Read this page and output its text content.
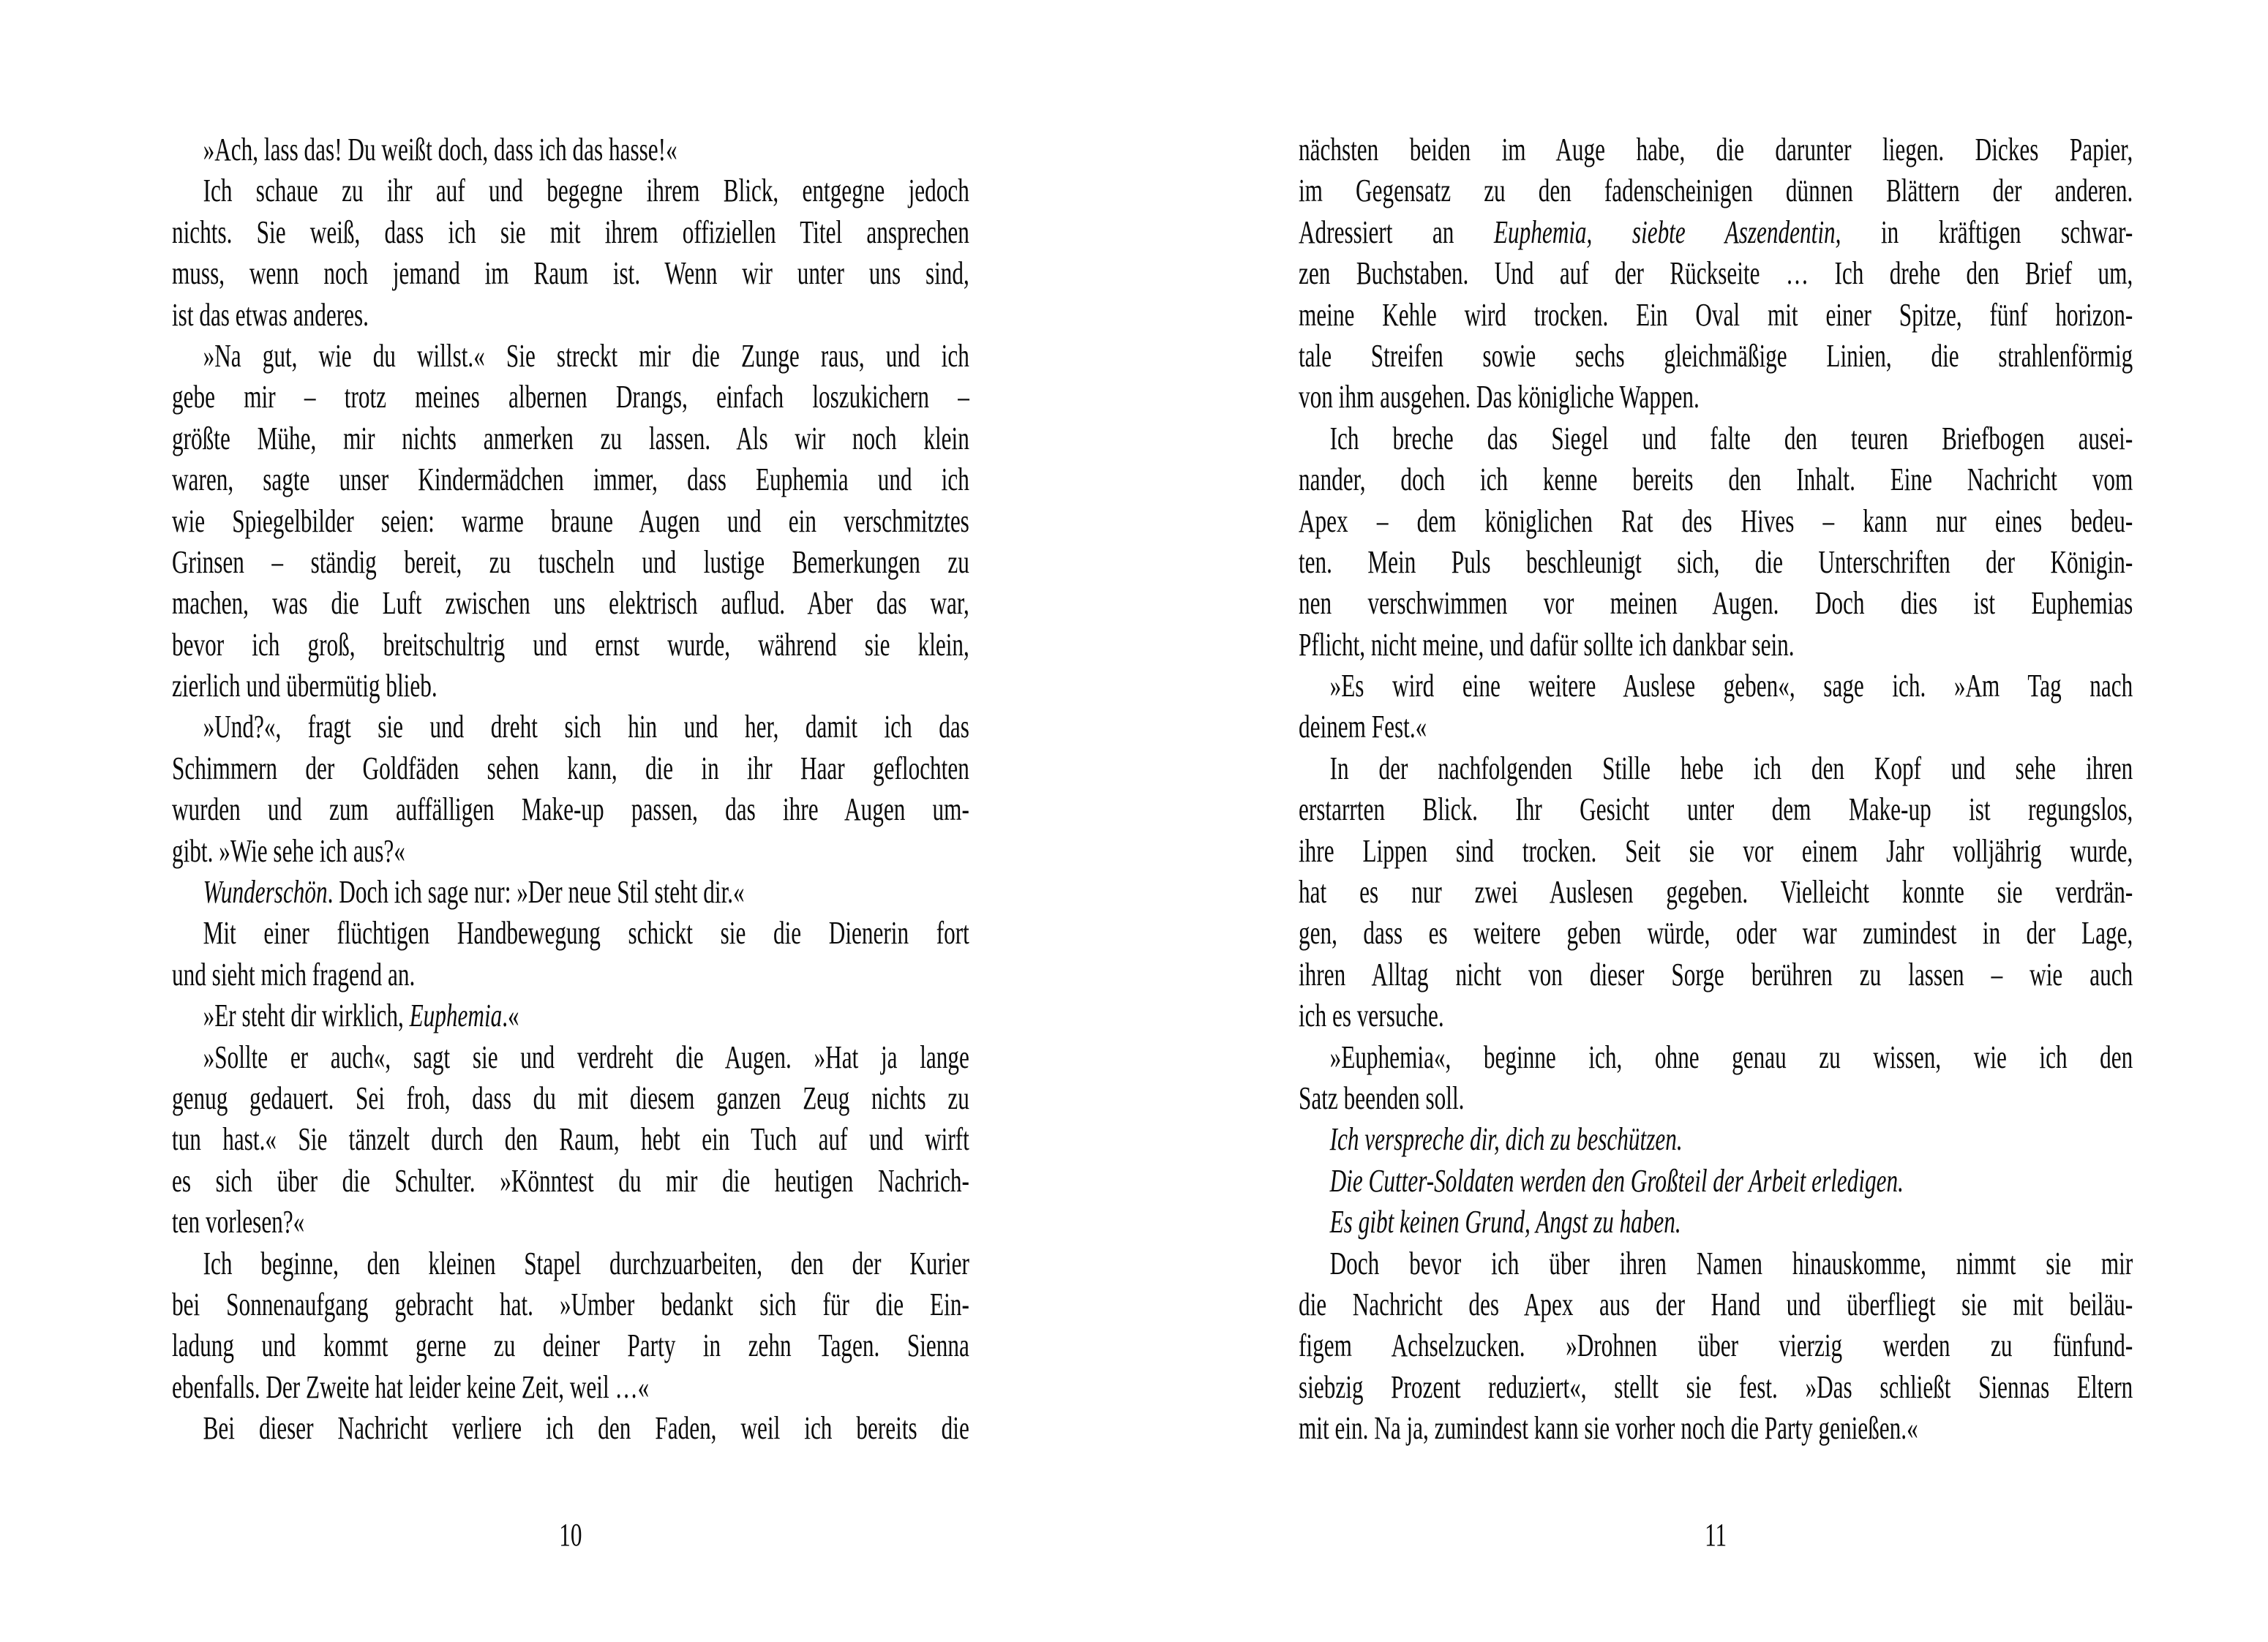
»Ach, lass das! Du weißt doch, dass ich das hasse!«
Ich schaue zu ihr auf und begegne ihrem Blick, entgegne jedoch
nichts. Sie weiß, dass ich sie mit ihrem offiziellen Titel ansprechen
muss, wenn noch jemand im Raum ist. Wenn wir unter uns sind,
ist das etwas anderes.
»Na gut, wie du willst.« Sie streckt mir die Zunge raus, und ich
gebe mir – trotz meines albernen Drangs, einfach loszukichern –
größte Mühe, mir nichts anmerken zu lassen. Als wir noch klein
waren, sagte unser Kindermädchen immer, dass Euphemia und ich
wie Spiegelbilder seien: warme braune Augen und ein verschmitztes
Grinsen – ständig bereit, zu tuscheln und lustige Bemerkungen zu
machen, was die Luft zwischen uns elektrisch auflud. Aber das war,
bevor ich groß, breitschultrig und ernst wurde, während sie klein,
zierlich und übermütig blieb.
»Und?«, fragt sie und dreht sich hin und her, damit ich das
Schimmern der Goldfäden sehen kann, die in ihr Haar geflochten
wurden und zum auffälligen Make-up passen, das ihre Augen um-
gibt. »Wie sehe ich aus?«
Wunderschön. Doch ich sage nur: »Der neue Stil steht dir.«
Mit einer flüchtigen Handbewegung schickt sie die Dienerin fort
und sieht mich fragend an.
»Er steht dir wirklich, Euphemia.«
»Sollte er auch«, sagt sie und verdreht die Augen. »Hat ja lange
genug gedauert. Sei froh, dass du mit diesem ganzen Zeug nichts zu
tun hast.« Sie tänzelt durch den Raum, hebt ein Tuch auf und wirft
es sich über die Schulter. »Könntest du mir die heutigen Nachrich-
ten vorlesen?«
Ich beginne, den kleinen Stapel durchzuarbeiten, den der Kurier
bei Sonnenaufgang gebracht hat. »Umber bedankt sich für die Ein-
ladung und kommt gerne zu deiner Party in zehn Tagen. Sienna
ebenfalls. Der Zweite hat leider keine Zeit, weil …«
Bei dieser Nachricht verliere ich den Faden, weil ich bereits die
nächsten beiden im Auge habe, die darunter liegen. Dickes Papier,
im Gegensatz zu den fadenscheinigen dünnen Blättern der anderen.
Adressiert an Euphemia, siebte Aszendentin, in kräftigen schwar-
zen Buchstaben. Und auf der Rückseite … Ich drehe den Brief um,
meine Kehle wird trocken. Ein Oval mit einer Spitze, fünf horizon-
tale Streifen sowie sechs gleichmäßige Linien, die strahlenförmig
von ihm ausgehen. Das königliche Wappen.
Ich breche das Siegel und falte den teuren Briefbogen ausei-
nander, doch ich kenne bereits den Inhalt. Eine Nachricht vom
Apex – dem königlichen Rat des Hives – kann nur eines bedeu-
ten. Mein Puls beschleunigt sich, die Unterschriften der Königin-
nen verschwimmen vor meinen Augen. Doch dies ist Euphemias
Pflicht, nicht meine, und dafür sollte ich dankbar sein.
»Es wird eine weitere Auslese geben«, sage ich. »Am Tag nach
deinem Fest.«
In der nachfolgenden Stille hebe ich den Kopf und sehe ihren
erstarrten Blick. Ihr Gesicht unter dem Make-up ist regungslos,
ihre Lippen sind trocken. Seit sie vor einem Jahr volljährig wurde,
hat es nur zwei Auslesen gegeben. Vielleicht konnte sie verdrän-
gen, dass es weitere geben würde, oder war zumindest in der Lage,
ihren Alltag nicht von dieser Sorge berühren zu lassen – wie auch
ich es versuche.
»Euphemia«, beginne ich, ohne genau zu wissen, wie ich den
Satz beenden soll.
Ich verspreche dir, dich zu beschützen.
Die Cutter-Soldaten werden den Großteil der Arbeit erledigen.
Es gibt keinen Grund, Angst zu haben.
Doch bevor ich über ihren Namen hinauskomme, nimmt sie mir
die Nachricht des Apex aus der Hand und überfliegt sie mit beiläu-
figem Achselzucken. »Drohnen über vierzig werden zu fünfund-
siebzig Prozent reduziert«, stellt sie fest. »Das schließt Siennas Eltern
mit ein. Na ja, zumindest kann sie vorher noch die Party genießen.«
10	11
